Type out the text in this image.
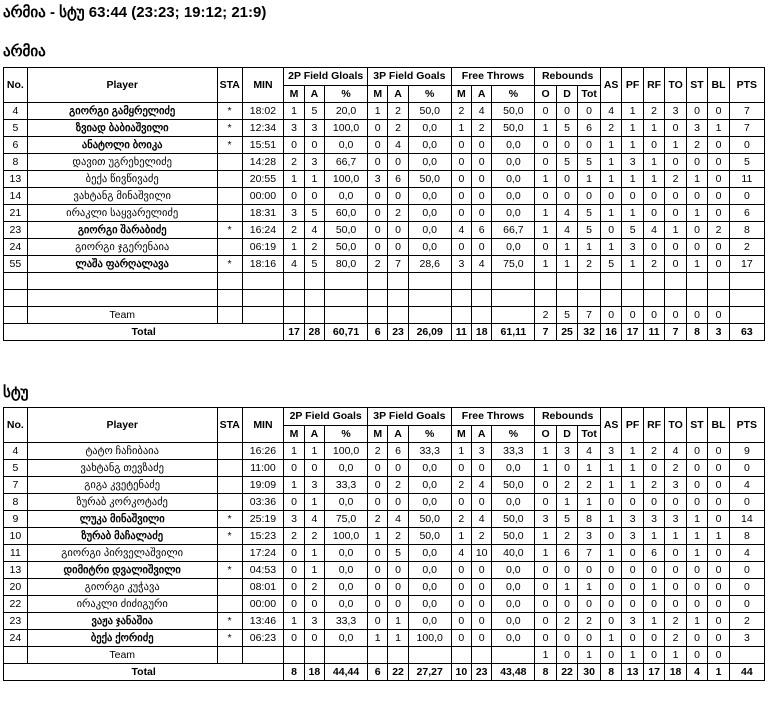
არმია - სტუ 63:44 (23:23; 19:12; 21:9)
არმია
No.	Player	STA	MIN	2P Field Gloals			3P Field Goals			Free Throws			Rebounds			AS	PF	RF	TO	ST	BL	PTS
				M	A	%	M	A	%	M	A	%	O	D	Tot							
4	გიორგი გამყრელიძე	*	18:02	1	5	20,0	1	2	50,0	2	4	50,0	0	0	0	4	1	2	3	0	0	7
5	ზვიად ბაბიაშვილი	*	12:34	3	3	100,0	0	2	0,0	1	2	50,0	1	5	6	2	1	1	0	3	1	7
6	ანატოლი ბოიკა	*	15:51	0	0	0,0	0	4	0,0	0	0	0,0	0	0	0	1	1	0	1	2	0	0
8	დავით უგრეხელიძე		14:28	2	3	66,7	0	0	0,0	0	0	0,0	0	5	5	1	3	1	0	0	0	5
13	ბექა წივწივაძე		20:55	1	1	100,0	3	6	50,0	0	0	0,0	1	0	1	1	1	1	2	1	0	11
14	ვახტანგ მინაშვილი		00:00	0	0	0,0	0	0	0,0	0	0	0,0	0	0	0	0	0	0	0	0	0	0
21	ირაკლი საყვარელიძე		18:31	3	5	60,0	0	2	0,0	0	0	0,0	1	4	5	1	1	0	0	1	0	6
23	გიორგი შარაბიძე	*	16:24	2	4	50,0	0	0	0,0	4	6	66,7	1	4	5	0	5	4	1	0	2	8
24	გიორგი ჯგერენაია		06:19	1	2	50,0	0	0	0,0	0	0	0,0	0	1	1	1	3	0	0	0	0	2
55	ლაშა ფარღალავა	*	18:16	4	5	80,0	2	7	28,6	3	4	75,0	1	1	2	5	1	2	0	1	0	17

	Team												2	5	7	0	0	0	0	0	0	
Total				17	28	60,71	6	23	26,09	11	18	61,11	7	25	32	16	17	11	7	8	3	63
სტუ
No.	Player	STA	MIN	2P Field Goals			3P Field Goals			Free Throws			Rebounds			AS	PF	RF	TO	ST	BL	PTS
				M	A	%	M	A	%	M	A	%	O	D	Tot							
4	ტატო ჩაჩიბაია		16:26	1	1	100,0	2	6	33,3	1	3	33,3	1	3	4	3	1	2	4	0	0	9
5	ვახტანგ თევზაძე		11:00	0	0	0,0	0	0	0,0	0	0	0,0	1	0	1	1	1	0	2	0	0	0
7	გიგა კვეტენაძე		19:09	1	3	33,3	0	2	0,0	2	4	50,0	0	2	2	1	1	2	3	0	0	4
8	ზურაბ კორკოტაძე		03:36	0	1	0,0	0	0	0,0	0	0	0,0	0	1	1	0	0	0	0	0	0	0
9	ლუკა მინაშვილი	*	25:19	3	4	75,0	2	4	50,0	2	4	50,0	3	5	8	1	3	3	3	1	0	14
10	ზურაბ მაჩალაძე	*	15:23	2	2	100,0	1	2	50,0	1	2	50,0	1	2	3	0	3	1	1	1	1	8
11	გიორგი პირველაშვილი		17:24	0	1	0,0	0	5	0,0	4	10	40,0	1	6	7	1	0	6	0	1	0	4
13	დიმიტრი დვალიშვილი	*	04:53	0	1	0,0	0	0	0,0	0	0	0,0	0	0	0	0	0	0	0	0	0	0
20	გიორგი კუჭავა		08:01	0	2	0,0	0	0	0,0	0	0	0,0	0	1	1	0	0	1	0	0	0	0
22	ირაკლი ძიძიგური		00:00	0	0	0,0	0	0	0,0	0	0	0,0	0	0	0	0	0	0	0	0	0	0
23	ვაჟა ჯანაშია	*	13:46	1	3	33,3	0	1	0,0	0	0	0,0	0	2	2	0	3	1	2	1	0	2
24	ბექა ქორიძე	*	06:23	0	0	0,0	1	1	100,0	0	0	0,0	0	0	0	1	0	0	2	0	0	3
	Team												1	0	1	0	1	0	1	0	0	
Total				8	18	44,44	6	22	27,27	10	23	43,48	8	22	30	8	13	17	18	4	1	44
